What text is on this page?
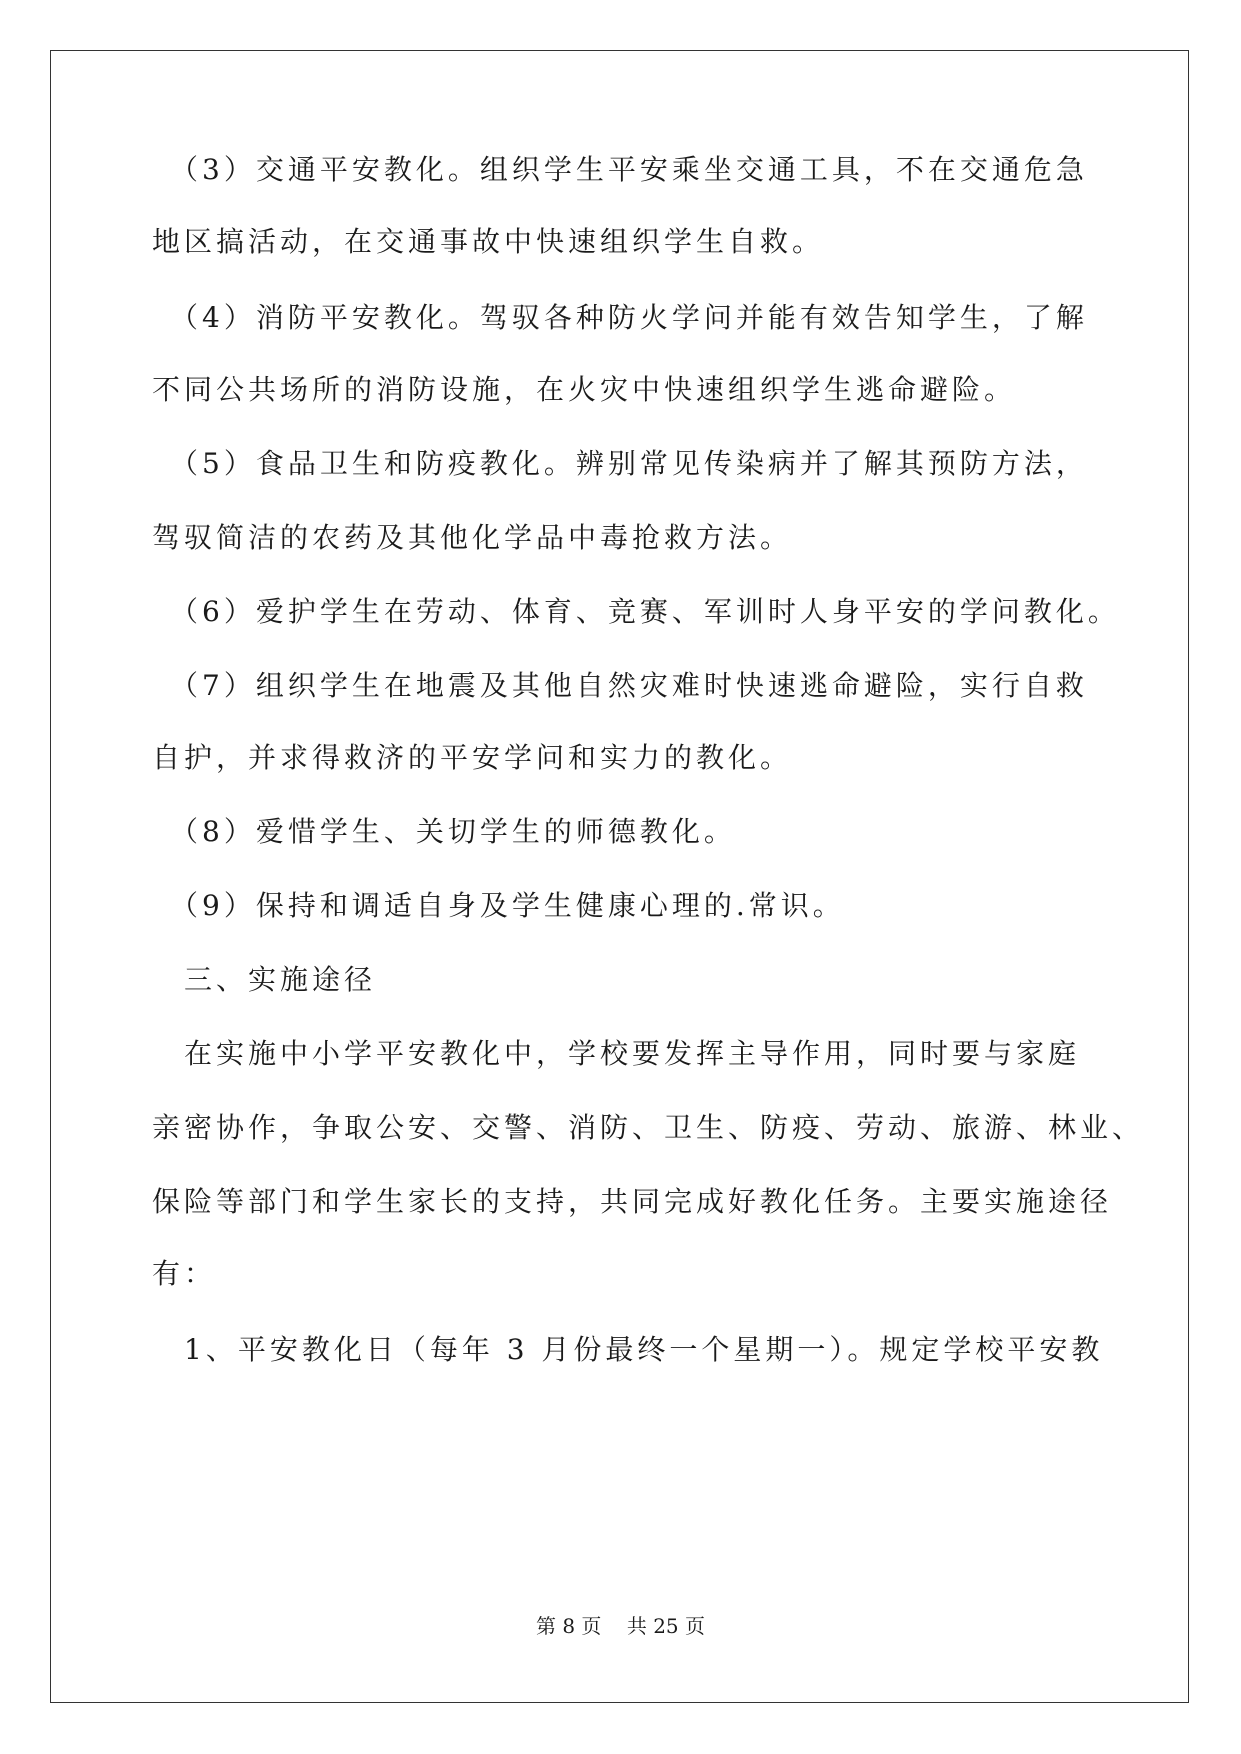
　（3）交通平安教化。组织学生平安乘坐交通工具，不在交通危急
地区搞活动，在交通事故中快速组织学生自救。
　（4）消防平安教化。驾驭各种防火学问并能有效告知学生，了解
不同公共场所的消防设施，在火灾中快速组织学生逃命避险。
　（5）食品卫生和防疫教化。辨别常见传染病并了解其预防方法，
驾驭简洁的农药及其他化学品中毒抢救方法。
　（6）爱护学生在劳动、体育、竞赛、军训时人身平安的学问教化。
　（7）组织学生在地震及其他自然灾难时快速逃命避险，实行自救
自护，并求得救济的平安学问和实力的教化。
　（8）爱惜学生、关切学生的师德教化。
　（9）保持和调适自身及学生健康心理的.常识。
　三、实施途径
　在实施中小学平安教化中，学校要发挥主导作用，同时要与家庭
亲密协作，争取公安、交警、消防、卫生、防疫、劳动、旅游、林业、
保险等部门和学生家长的支持，共同完成好教化任务。主要实施途径
有：
　1、平安教化日（每年 3 月份最终一个星期一）。规定学校平安教
第 8 页    共 25 页
